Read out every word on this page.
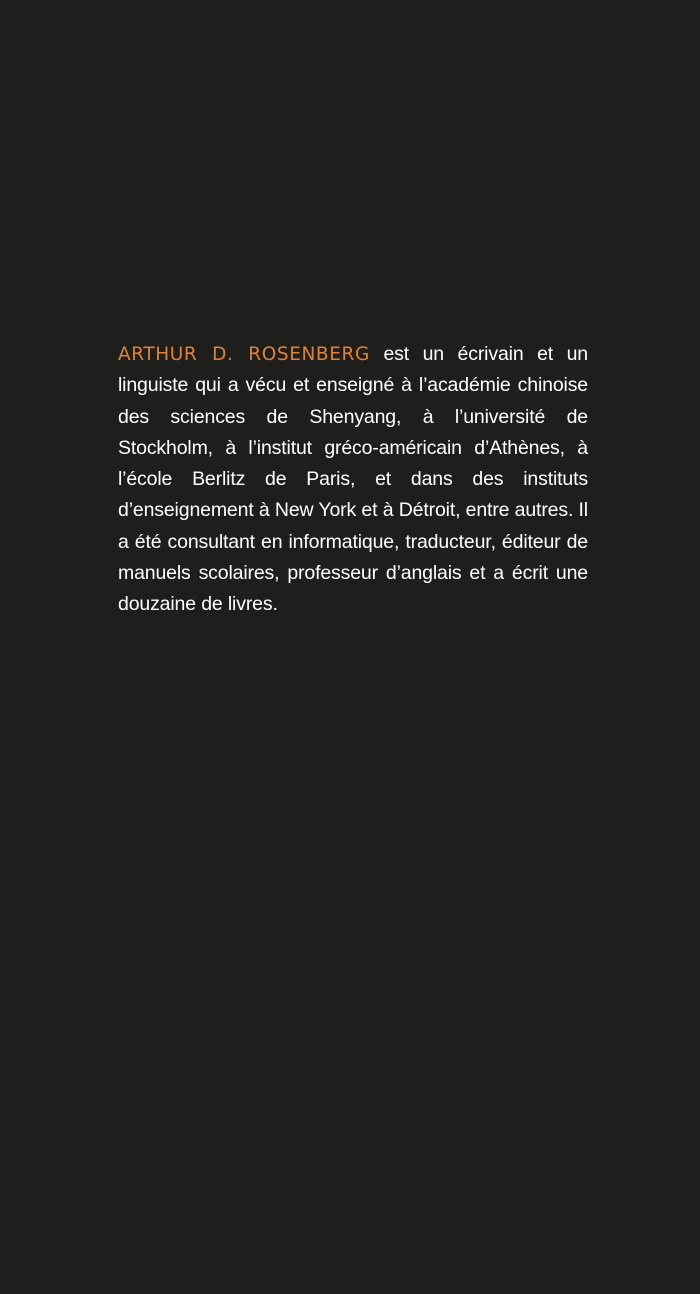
ARTHUR D. ROSENBERG est un écrivain et un linguiste qui a vécu et enseigné à l’académie chinoise des sciences de Shenyang, à l’université de Stockholm, à l’institut gréco-américain d’Athènes, à l’école Berlitz de Paris, et dans des instituts d’enseignement à New York et à Détroit, entre autres. Il a été consultant en informatique, traducteur, éditeur de manuels scolaires, professeur d’anglais et a écrit une douzaine de livres.
